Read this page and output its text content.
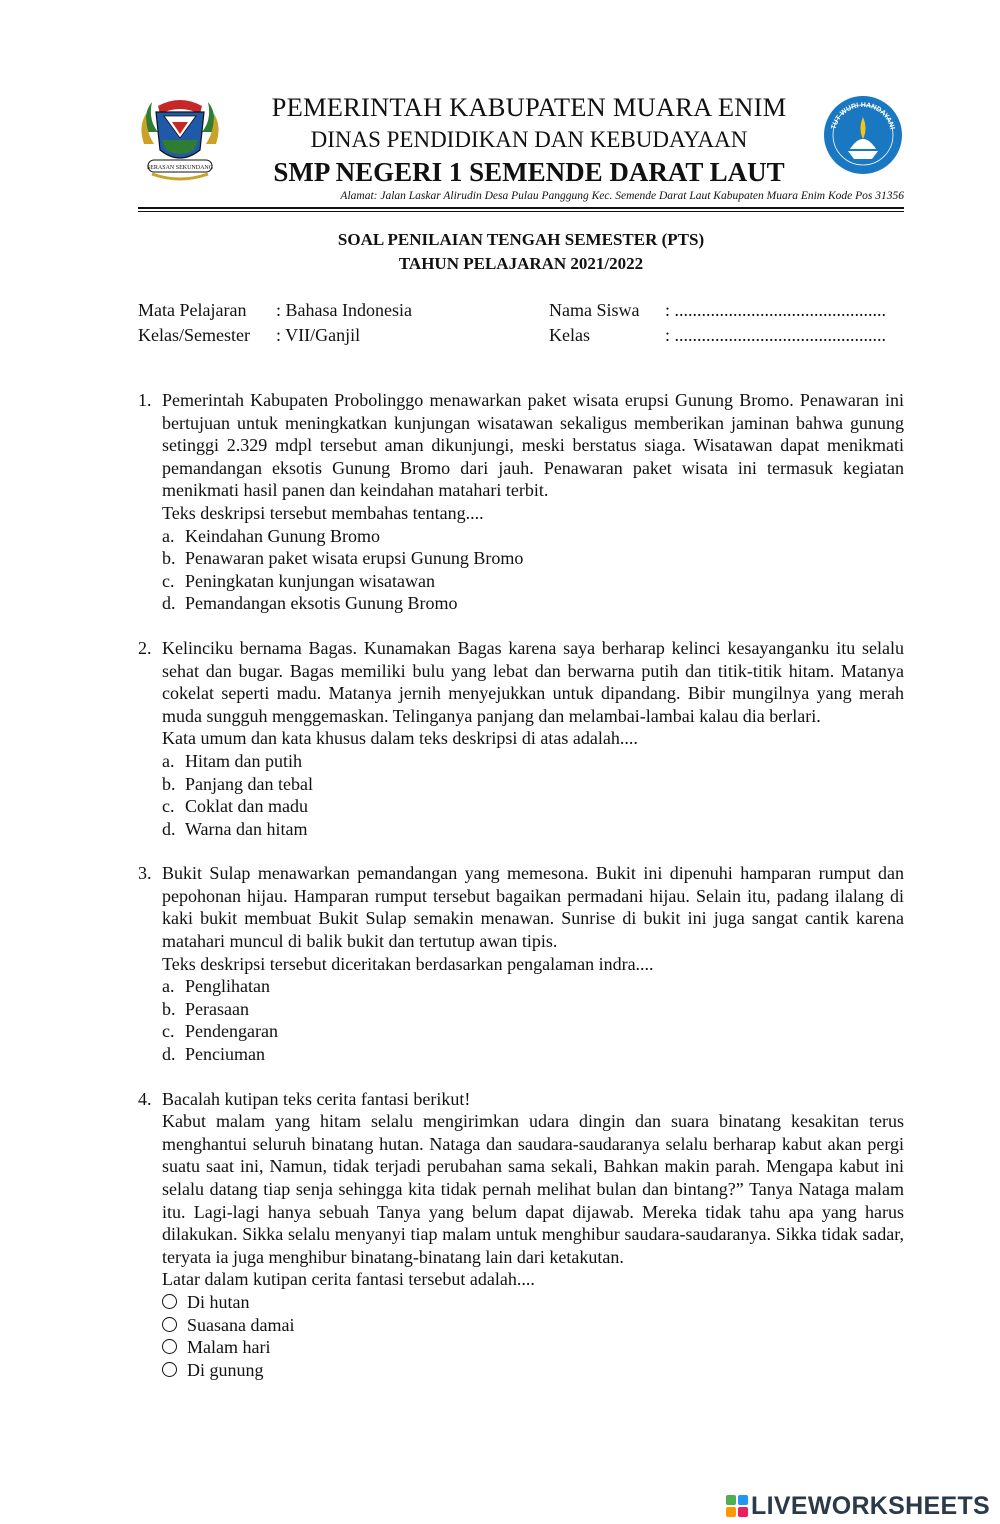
SERASAN SEKUNDANG
PEMERINTAH KABUPATEN MUARA ENIM
DINAS PENDIDIKAN DAN KEBUDAYAAN
SMP NEGERI 1 SEMENDE DARAT LAUT
TUT WURI HANDAYANI
Alamat: Jalan Laskar Alirudin Desa Pulau Panggung Kec. Semende Darat Laut Kabupaten Muara Enim Kode Pos 31356
SOAL PENILAIAN TENGAH SEMESTER (PTS)
TAHUN PELAJARAN 2021/2022
Mata Pelajaran : Bahasa Indonesia
Kelas/Semester : VII/Ganjil
Nama Siswa : ...............................................
Kelas	: ...............................................
1. Pemerintah Kabupaten Probolinggo menawarkan paket wisata erupsi Gunung Bromo. Penawaran ini bertujuan untuk meningkatkan kunjungan wisatawan sekaligus memberikan jaminan bahwa gunung setinggi 2.329 mdpl tersebut aman dikunjungi, meski berstatus siaga. Wisatawan dapat menikmati pemandangan eksotis Gunung Bromo dari jauh. Penawaran paket wisata ini termasuk kegiatan menikmati hasil panen dan keindahan matahari terbit.
Teks deskripsi tersebut membahas tentang....
a. Keindahan Gunung Bromo
b. Penawaran paket wisata erupsi Gunung Bromo
c. Peningkatan kunjungan wisatawan
d. Pemandangan eksotis Gunung Bromo
2. Kelinciku bernama Bagas. Kunamakan Bagas karena saya berharap kelinci kesayanganku itu selalu sehat dan bugar. Bagas memiliki bulu yang lebat dan berwarna putih dan titik-titik hitam. Matanya cokelat seperti madu. Matanya jernih menyejukkan untuk dipandang. Bibir mungilnya yang merah muda sungguh menggemaskan. Telinganya panjang dan melambai-lambai kalau dia berlari.
Kata umum dan kata khusus dalam teks deskripsi di atas adalah....
a. Hitam dan putih
b. Panjang dan tebal
c. Coklat dan madu
d. Warna dan hitam
3. Bukit Sulap menawarkan pemandangan yang memesona. Bukit ini dipenuhi hamparan rumput dan pepohonan hijau. Hamparan rumput tersebut bagaikan permadani hijau. Selain itu, padang ilalang di kaki bukit membuat Bukit Sulap semakin menawan. Sunrise di bukit ini juga sangat cantik karena matahari muncul di balik bukit dan tertutup awan tipis.
Teks deskripsi tersebut diceritakan berdasarkan pengalaman indra....
a. Penglihatan
b. Perasaan
c. Pendengaran
d. Penciuman
4. Bacalah kutipan teks cerita fantasi berikut!
Kabut malam yang hitam selalu mengirimkan udara dingin dan suara binatang kesakitan terus menghantui seluruh binatang hutan. Nataga dan saudara-saudaranya selalu berharap kabut akan pergi suatu saat ini, Namun, tidak terjadi perubahan sama sekali, Bahkan makin parah. Mengapa kabut ini selalu datang tiap senja sehingga kita tidak pernah melihat bulan dan bintang?” Tanya Nataga malam itu. Lagi-lagi hanya sebuah Tanya yang belum dapat dijawab. Mereka tidak tahu apa yang harus dilakukan. Sikka selalu menyanyi tiap malam untuk menghibur saudara-saudaranya. Sikka tidak sadar, teryata ia juga menghibur binatang-binatang lain dari ketakutan.
Latar dalam kutipan cerita fantasi tersebut adalah....
Di hutan
Suasana damai
Malam hari
Di gunung
LIVEWORKSHEETS
